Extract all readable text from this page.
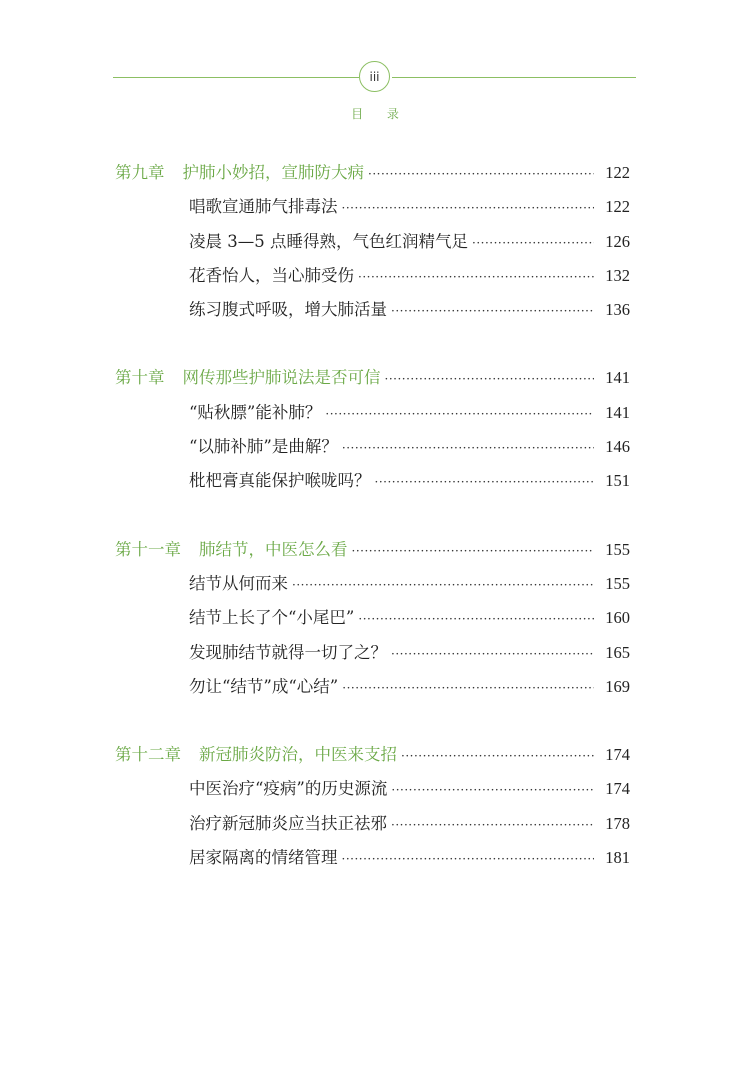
iii
目 录
第九章 护肺小妙招，宣肺防大病 ·····	122
唱歌宣通肺气排毒法 ·····	122
凌晨 3—5 点睡得熟，气色红润精气足 ·····	126
花香怡人，当心肺受伤 ·····	132
练习腹式呼吸，增大肺活量 ·····	136
第十章 网传那些护肺说法是否可信 ·····	141
“贴秋膘”能补肺？ ·····	141
“以肺补肺”是曲解？ ·····	146
枇杷膏真能保护喉咙吗？ ·····	151
第十一章 肺结节，中医怎么看 ·····	155
结节从何而来 ·····	155
结节上长了个“小尾巴” ·····	160
发现肺结节就得一切了之？ ·····	165
勿让“结节”成“心结” ·····	169
第十二章 新冠肺炎防治，中医来支招 ·····	174
中医治疗“疫病”的历史源流 ·····	174
治疗新冠肺炎应当扶正祛邪 ·····	178
居家隔离的情绪管理 ·····	181
